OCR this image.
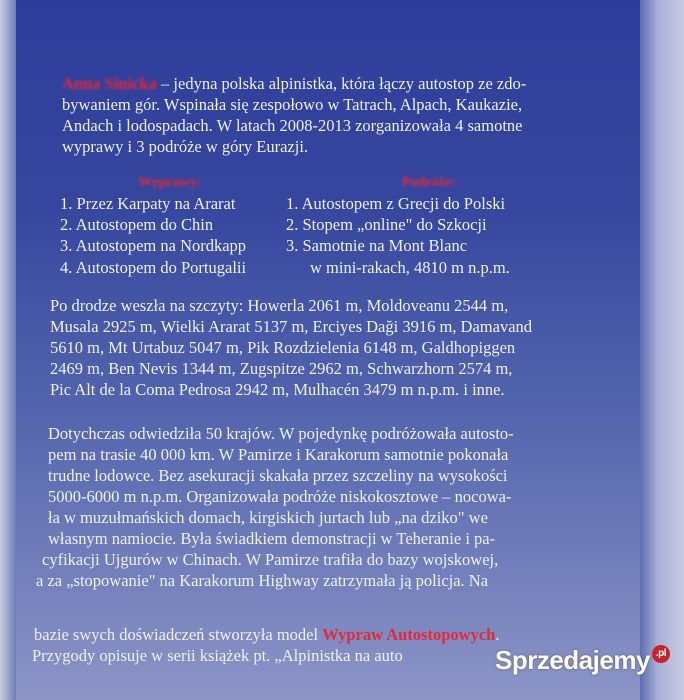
Anna Sinicka – jedyna polska alpinistka, która łączy autostop ze zdo-
bywaniem gór. Wspinała się zespołowo w Tatrach, Alpach, Kaukazie,
Andach i lodospadach. W latach 2008-2013 zorganizowała 4 samotne
wyprawy i 3 podróże w góry Eurazji.
Wyprawy:
1. Przez Karpaty na Ararat
2. Autostopem do Chin
3. Autostopem na Nordkapp
4. Autostopem do Portugalii
Podróże:
1. Autostopem z Grecji do Polski
2. Stopem „online" do Szkocji
3. Samotnie na Mont Blanc
w mini-rakach, 4810 m n.p.m.
Po drodze weszła na szczyty: Howerla 2061 m, Moldoveanu 2544 m,
Musala 2925 m, Wielki Ararat 5137 m, Erciyes Daği 3916 m, Damavand
5610 m, Mt Urtabuz 5047 m, Pik Rozdzielenia 6148 m, Galdhopiggen
2469 m, Ben Nevis 1344 m, Zugspitze 2962 m, Schwarzhorn 2574 m,
Pic Alt de la Coma Pedrosa 2942 m, Mulhacén 3479 m n.p.m. i inne.
Dotychczas odwiedziła 50 krajów. W pojedynkę podróżowała autosto-
pem na trasie 40 000 km. W Pamirze i Karakorum samotnie pokonała
trudne lodowce. Bez asekuracji skakała przez szczeliny na wysokości
5000-6000 m n.p.m. Organizowała podróże niskokosztowe – nocowa-
ła w muzułmańskich domach, kirgiskich jurtach lub „na dziko" we
własnym namiocie. Była świadkiem demonstracji w Teheranie i pa-
cyfikacji Ujgurów w Chinach. W Pamirze trafiła do bazy wojskowej,
a za „stopowanie" na Karakorum Highway zatrzymała ją policja. Na
bazie swych doświadczeń stworzyła model Wypraw Autostopowych.
Przygody opisuje w serii książek pt. „Alpinistka na auto	Sprzedajemy $^{.pl}$
